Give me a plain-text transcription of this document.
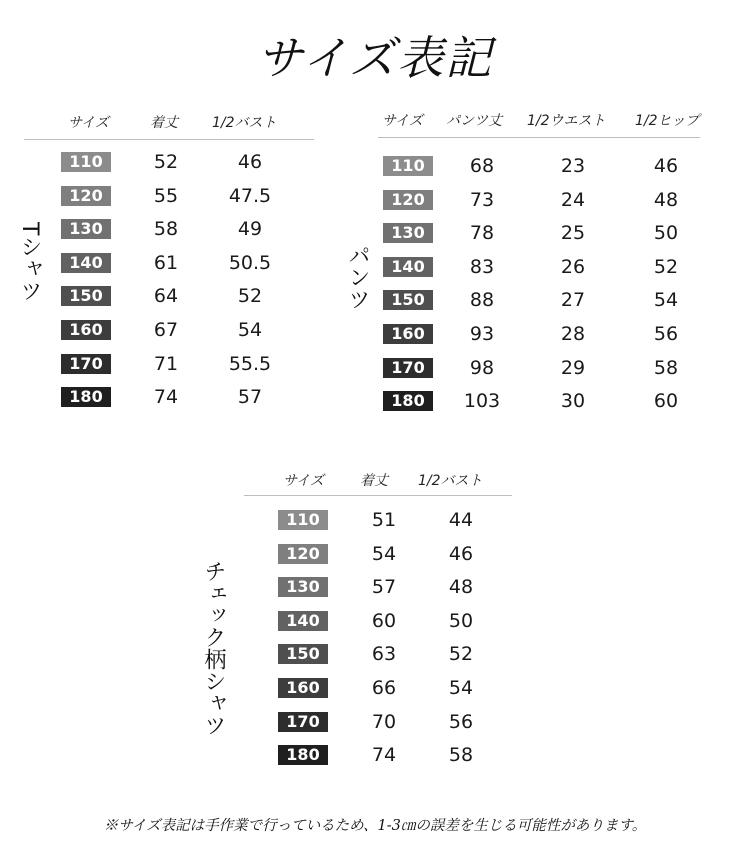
サイズ表記
サイズ	着丈 1/2バスト
110	52	46
120	55	47.5
130	58	49
140	61	50.5
150	64	52
160	67	54
170	71	55.5
180	74	57
Tシャツ
サイズ パンツ丈 1/2ウエスト 1/2ヒップ
110	68	23	46
120	73	24	48
130	78	25	50
140	83	26	52
150	88	27	54
160	93	28	56
170	98	29	58
180	103	30	60
パンツ
サイズ	着丈 1/2バスト
110	51	44
120	54	46
130	57	48
140	60	50
150	63	52
160	66	54
170	70	56
180	74	58
チェック柄シャツ
※サイズ表記は手作業で行っているため、1-3㎝の誤差を生じる可能性があります。
